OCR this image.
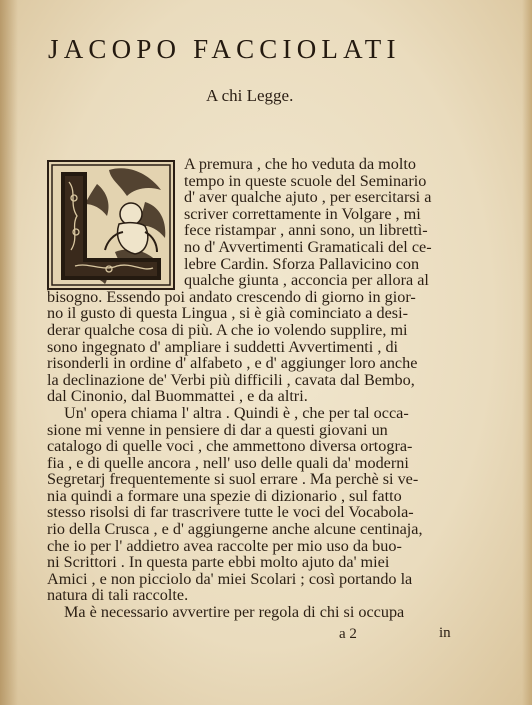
JACOPO FACCIOLATI
A chi Legge.
A premura , che ho veduta da molto
tempo in queste scuole del Seminario
d' aver qualche ajuto , per esercitarsi a
scriver correttamente in Volgare , mi
fece ristampar , anni sono, un librettì-
no d' Avvertimenti Gramaticali del ce-
lebre Cardin. Sforza Pallavicino con
qualche giunta , acconcia per allora al
bisogno. Essendo poi andato crescendo di giorno in gior-
no il gusto di questa Lingua , si è già cominciato a desi-
derar qualche cosa di più. A che io volendo supplire, mi
sono ingegnato d' ampliare i suddetti Avvertimenti , di
risonderli in ordine d' alfabeto , e d' aggiunger loro anche
la declinazione de' Verbi più difficili , cavata dal Bembo,
dal Cinonio, dal Buommattei , e da altri.
Un' opera chiama l' altra . Quindi è , che per tal occa-
sione mi venne in pensiere di dar a questi giovani un
catalogo di quelle voci , che ammettono diversa ortogra-
fia , e di quelle ancora , nell' uso delle quali da' moderni
Segretarj frequentemente si suol errare . Ma perchè si ve-
nia quindi a formare una spezie di dizionario , sul fatto
stesso risolsi di far trascrivere tutte le voci del Vocabola-
rio della Crusca , e d' aggiungerne anche alcune centinaja,
che io per l' addietro avea raccolte per mio uso da buo-
ni Scrittori . In questa parte ebbi molto ajuto da' miei
Amici , e non picciolo da' miei Scolari ; così portando la
natura di tali raccolte.
Ma è necessario avvertire per regola di chi si occupa
a 2	in
